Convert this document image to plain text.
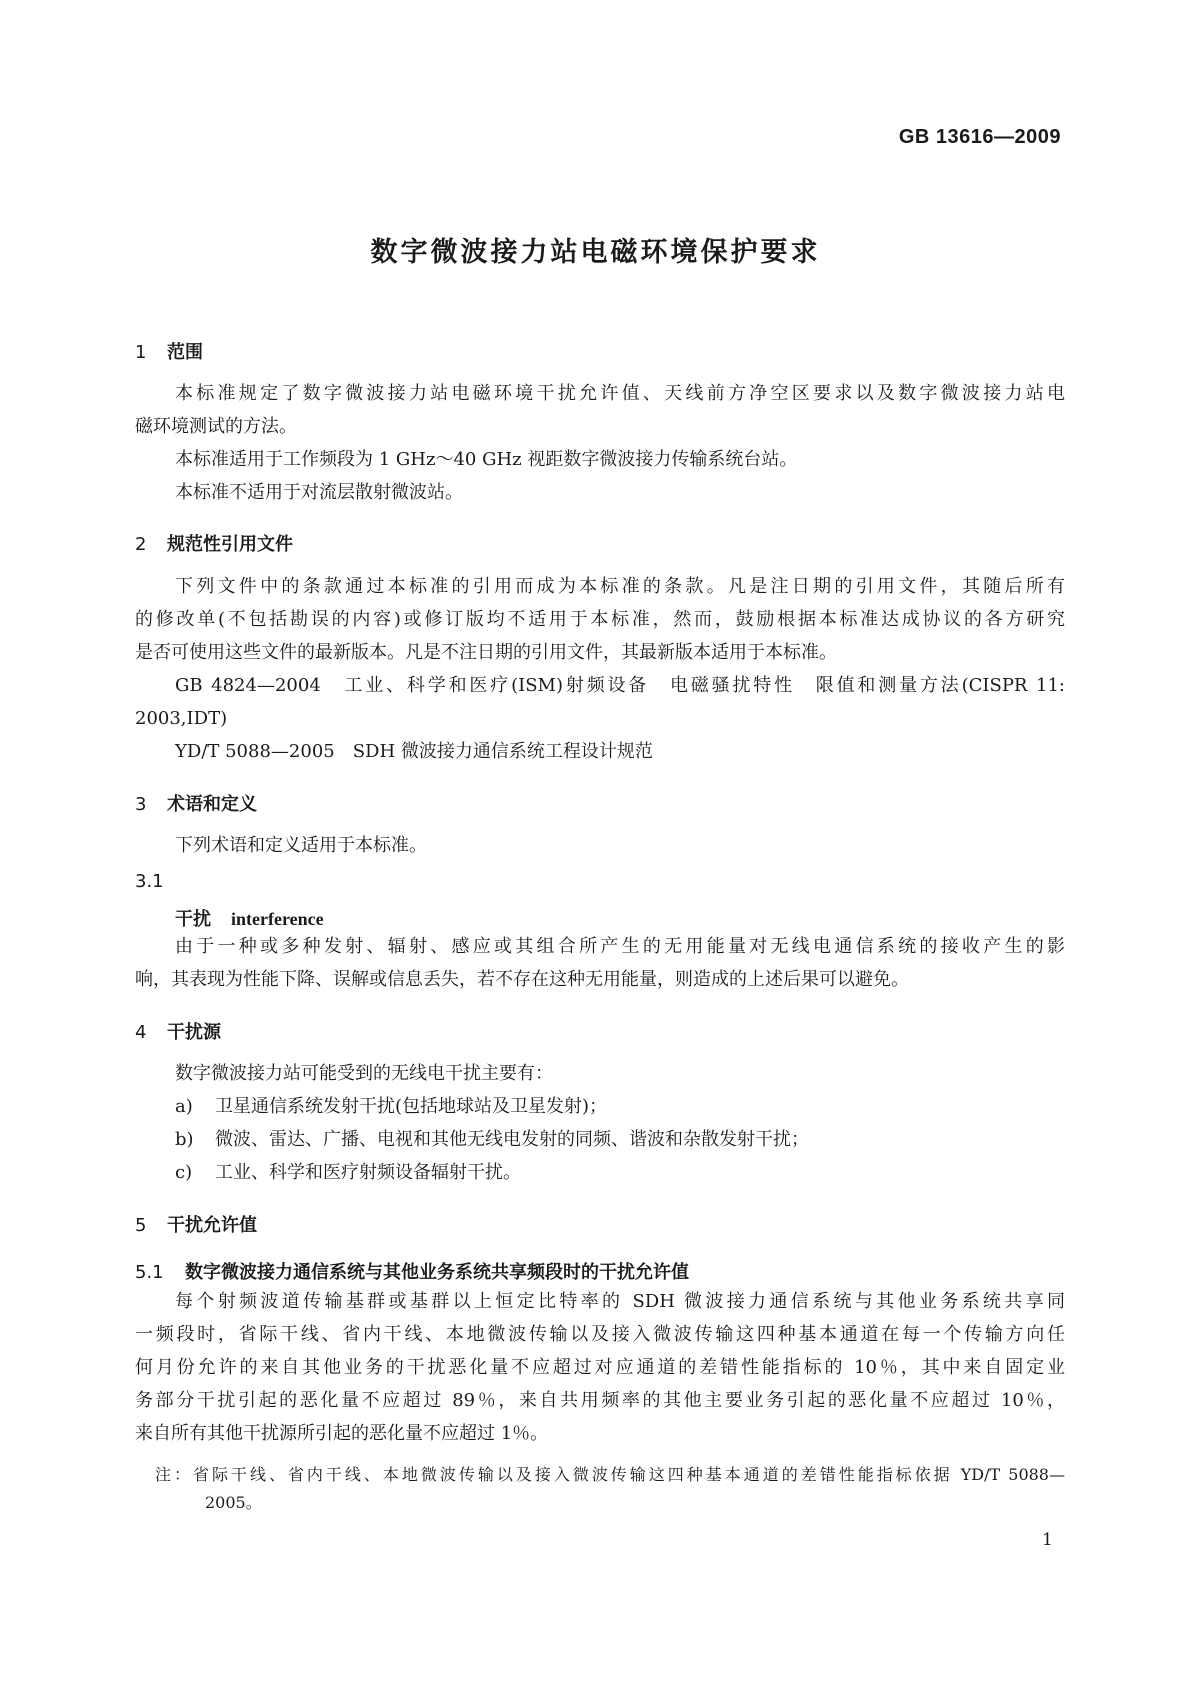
GB 13616—2009
数字微波接力站电磁环境保护要求
1 范围
本标准规定了数字微波接力站电磁环境干扰允许值、天线前方净空区要求以及数字微波接力站电
磁环境测试的方法。
本标准适用于工作频段为 1 GHz～40 GHz 视距数字微波接力传输系统台站。
本标准不适用于对流层散射微波站。
2 规范性引用文件
下列文件中的条款通过本标准的引用而成为本标准的条款。凡是注日期的引用文件，其随后所有
的修改单(不包括勘误的内容)或修订版均不适用于本标准，然而，鼓励根据本标准达成协议的各方研究
是否可使用这些文件的最新版本。凡是不注日期的引用文件，其最新版本适用于本标准。
GB 4824—2004　工业、科学和医疗(ISM)射频设备　电磁骚扰特性　限值和测量方法(CISPR 11:
2003,IDT)
YD/T 5088—2005　SDH 微波接力通信系统工程设计规范
3 术语和定义
下列术语和定义适用于本标准。
3.1
干扰 interference
由于一种或多种发射、辐射、感应或其组合所产生的无用能量对无线电通信系统的接收产生的影
响，其表现为性能下降、误解或信息丢失，若不存在这种无用能量，则造成的上述后果可以避免。
4 干扰源
数字微波接力站可能受到的无线电干扰主要有：
a) 卫星通信系统发射干扰(包括地球站及卫星发射)；
b) 微波、雷达、广播、电视和其他无线电发射的同频、谐波和杂散发射干扰；
c) 工业、科学和医疗射频设备辐射干扰。
5 干扰允许值
5.1 数字微波接力通信系统与其他业务系统共享频段时的干扰允许值
每个射频波道传输基群或基群以上恒定比特率的 SDH 微波接力通信系统与其他业务系统共享同
一频段时，省际干线、省内干线、本地微波传输以及接入微波传输这四种基本通道在每一个传输方向任
何月份允许的来自其他业务的干扰恶化量不应超过对应通道的差错性能指标的 10％，其中来自固定业
务部分干扰引起的恶化量不应超过 89％，来自共用频率的其他主要业务引起的恶化量不应超过 10％，
来自所有其他干扰源所引起的恶化量不应超过 1％。
注：省际干线、省内干线、本地微波传输以及接入微波传输这四种基本通道的差错性能指标依据 YD/T 5088—
2005。
1
